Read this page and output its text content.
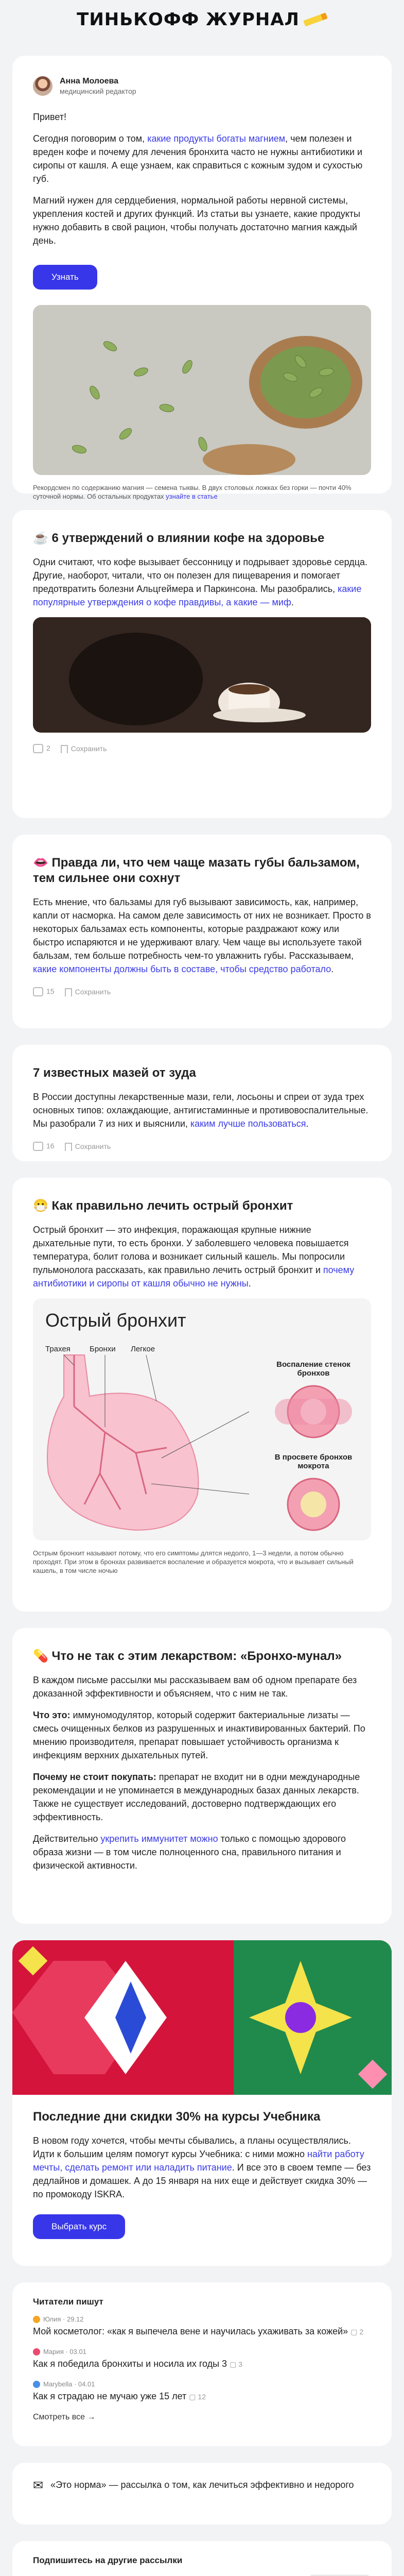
ТИНЬКОФФ ЖУРНАЛ
Анна Молоева
медицинский редактор

Привет!

Сегодня поговорим о том, какие продукты богаты магнием, чем полезен и вреден кофе и почему для лечения бронхита часто не нужны антибиотики и сиропы от кашля. А еще узнаем, как справиться с кожным зудом и сухостью губ.

Магний нужен для сердцебиения, нормальной работы нервной системы, укрепления костей и других функций. Из статьи вы узнаете, какие продукты нужно добавить в свой рацион, чтобы получать достаточно магния каждый день.

Узнать
Рекордсмен по содержанию магния — семена тыквы. В двух столовых ложках без горки — почти 40% суточной нормы. Об остальных продуктах узнайте в статье
☕ 6 утверждений о влиянии кофе на здоровье

Одни считают, что кофе вызывает бессонницу и подрывает здоровье сердца. Другие, наоборот, читали, что он полезен для пищеварения и помогает предотвратить болезни Альцгеймера и Паркинсона. Мы разобрались, какие популярные утверждения о кофе правдивы, а какие — миф.

2	Сохранить
👄 Правда ли, что чем чаще мазать губы бальзамом, тем сильнее они сохнут

Есть мнение, что бальзамы для губ вызывают зависимость, как, например, капли от насморка. На самом деле зависимость от них не возникает. Просто в некоторых бальзамах есть компоненты, которые раздражают кожу или быстро испаряются и не удерживают влагу. Чем чаще вы используете такой бальзам, тем больше потребность чем-то увлажнить губы. Рассказываем, какие компоненты должны быть в составе, чтобы средство работало.

15	Сохранить
7 известных мазей от зуда

В России доступны лекарственные мази, гели, лосьоны и спреи от зуда трех основных типов: охлаждающие, антигистаминные и противовоспалительные. Мы разобрали 7 из них и выяснили, каким лучше пользоваться.

16	Сохранить
😷 Как правильно лечить острый бронхит

Острый бронхит — это инфекция, поражающая крупные нижние дыхательные пути, то есть бронхи. У заболевшего человека повышается температура, болит голова и возникает сильный кашель. Мы попросили пульмонолога рассказать, как правильно лечить острый бронхит и почему антибиотики и сиропы от кашля обычно не нужны.

Острый бронхит
Трахея Бронхи Легкое
Воспаление стенок бронхов
В просвете бронхов мокрота
Острым бронхит называют потому, что его симптомы длятся недолго, 1—3 недели, а потом обычно проходят. При этом в бронхах развивается воспаление и образуется мокрота, что и вызывает сильный кашель, в том числе ночью
💊 Что не так с этим лекарством: «Бронхо-мунал»

В каждом письме рассылки мы рассказываем вам об одном препарате без доказанной эффективности и объясняем, что с ним не так.

Что это: иммуномодулятор, который содержит бактериальные лизаты — смесь очищенных белков из разрушенных и инактивированных бактерий. По мнению производителя, препарат повышает устойчивость организма к инфекциям верхних дыхательных путей.

Почему не стоит покупать: препарат не входит ни в одни международные рекомендации и не упоминается в международных базах данных лекарств. Также не существует исследований, достоверно подтверждающих его эффективность.

Действительно укрепить иммунитет можно только с помощью здорового образа жизни — в том числе полноценного сна, правильного питания и физической активности.

Последние дни скидки 30% на курсы Учебника

В новом году хочется, чтобы мечты сбывались, а планы осуществлялись. Идти к большим целям помогут курсы Учебника: с ними можно найти работу мечты, сделать ремонт или наладить питание. И все это в своем темпе — без дедлайнов и домашек. А до 15 января на них еще и действует скидка 30% — по промокоду ISKRA.

Выбрать курс
Читатели пишут
Юлия · 29.12
Мой косметолог: «как я выпечела вене и научилась ухаживать за кожей» ▢ 2
Мария · 03.01
Как я победила бронхиты и носила их годы 3 ▢ 3
Marybella · 04.01
Как я страдаю не мучаю уже 15 лет ▢ 12
Смотреть все →
✉ «Это норма» — рассылка о том, как лечиться эффективно и недорого
Подпишитесь на другие рассылки
